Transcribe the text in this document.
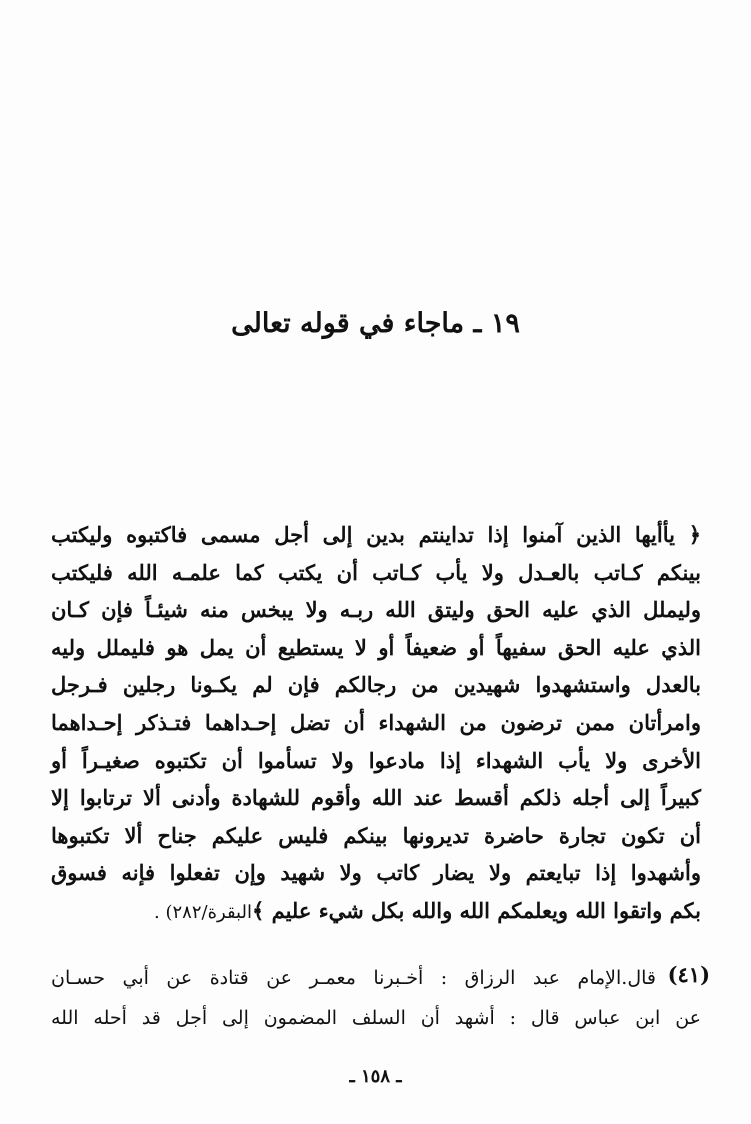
١٩ ـ ماجاء في قوله تعالى
﴿ يأأيها الذين آمنوا إذا تداينتم بدين إلى أجل مسمى فاكتبوه وليكتب
بينكم كـاتب بالعـدل ولا يأب كـاتب أن يكتب كما علمـه الله فليكتب
وليملل الذي عليه الحق وليتق الله ربـه ولا يبخس منه شيئـاً فإن كـان
الذي عليه الحق سفيهاً أو ضعيفاً أو لا يستطيع أن يمل هو فليملل وليه
بالعدل واستشهدوا شهيدين من رجالكم فإن لم يكـونا رجلين فـرجل
وامرأتان ممن ترضون من الشهداء أن تضل إحـداهما فتـذكر إحـداهما
الأخرى ولا يأب الشهداء إذا مادعوا ولا تسأموا أن تكتبوه صغيـراً أو
كبيراً إلى أجله ذلكم أقسط عند الله وأقوم للشهادة وأدنى ألا ترتابوا إلا
أن تكون تجارة حاضرة تديرونها بينكم فليس عليكم جناح ألا تكتبوها
وأشهدوا إذا تبايعتم ولا يضار كاتب ولا شهيد وإن تفعلوا فإنه فسوق
بكم واتقوا الله ويعلمكم الله والله بكل شيء عليم ﴾البقرة/٢٨٢) .
(٤١)
قال.الإمام عبد الرزاق : أخـبرنا معمـر عن قتادة عن أبي حسـان
عن ابن عباس قال : أشهد أن السلف المضمون إلى أجل قد أحله الله
ـ ١٥٨ ـ
